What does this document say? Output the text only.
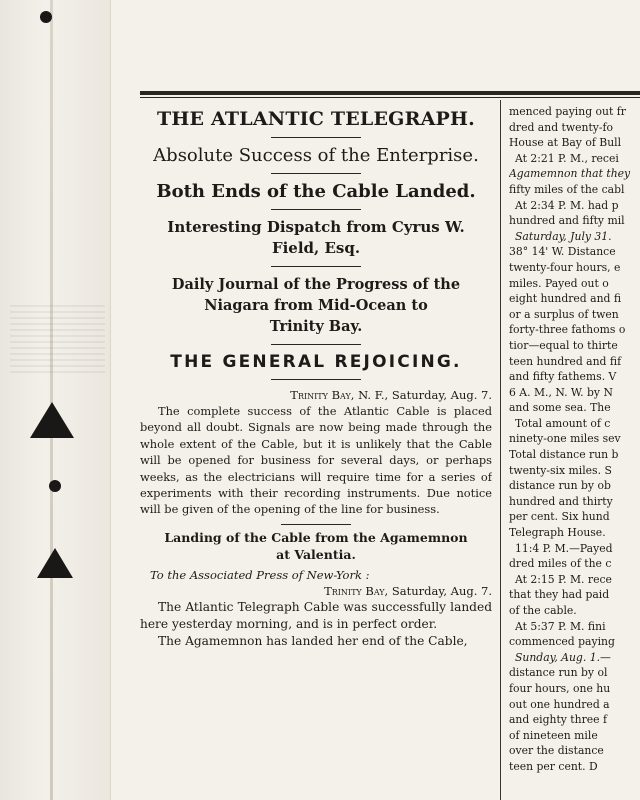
THE ATLANTIC TELEGRAPH.

Absolute Success of the Enterprise.

Both Ends of the Cable Landed.

Interesting Dispatch from Cyrus W.

Field, Esq.

Daily Journal of the Progress of the

Niagara from Mid-Ocean to

Trinity Bay.

THE GENERAL REJOICING.

Trinity Bay, N. F., Saturday, Aug. 7.

The complete success of the Atlantic Cable is placed beyond all doubt. Signals are now being made through the whole extent of the Cable, but it is unlikely that the Cable will be opened for business for several days, or perhaps weeks, as the electricians will require time for a series of experiments with their recording instruments. Due notice will be given of the opening of the line for business.

Landing of the Cable from the Agamemnon

at Valentia.

To the Associated Press of New-York :

Trinity Bay, Saturday, Aug. 7.

The Atlantic Telegraph Cable was successfully landed here yesterday morning, and is in perfect order.

The Agamemnon has landed her end of the Cable,

menced paying out fr

dred and twenty-fo

House at Bay of Bull

At 2:21 P. M., recei

Agamemnon that they

fifty miles of the cabl

At 2:34 P. M. had p

hundred and fifty mil

Saturday, July 31.

38° 14' W. Distance

twenty-four hours, e

miles. Payed out o

eight hundred and fi

or a surplus of twen

forty-three fathoms o

tior—equal to thirte

teen hundred and fif

and fifty fathems. V

6 A. M., N. W. by N

and some sea. The

Total amount of c

ninety-one miles sev

Total distance run b

twenty-six miles. S

distance run by ob

hundred and thirty

per cent. Six hund

Telegraph House.

11:4 P. M.—Payed

dred miles of the c

At 2:15 P. M. rece

that they had paid

of the cable.

At 5:37 P. M. fini

commenced paying

Sunday, Aug. 1.—

distance run by ol

four hours, one hu

out one hundred a

and eighty three f

of nineteen mile

over the distance

teen per cent. D
